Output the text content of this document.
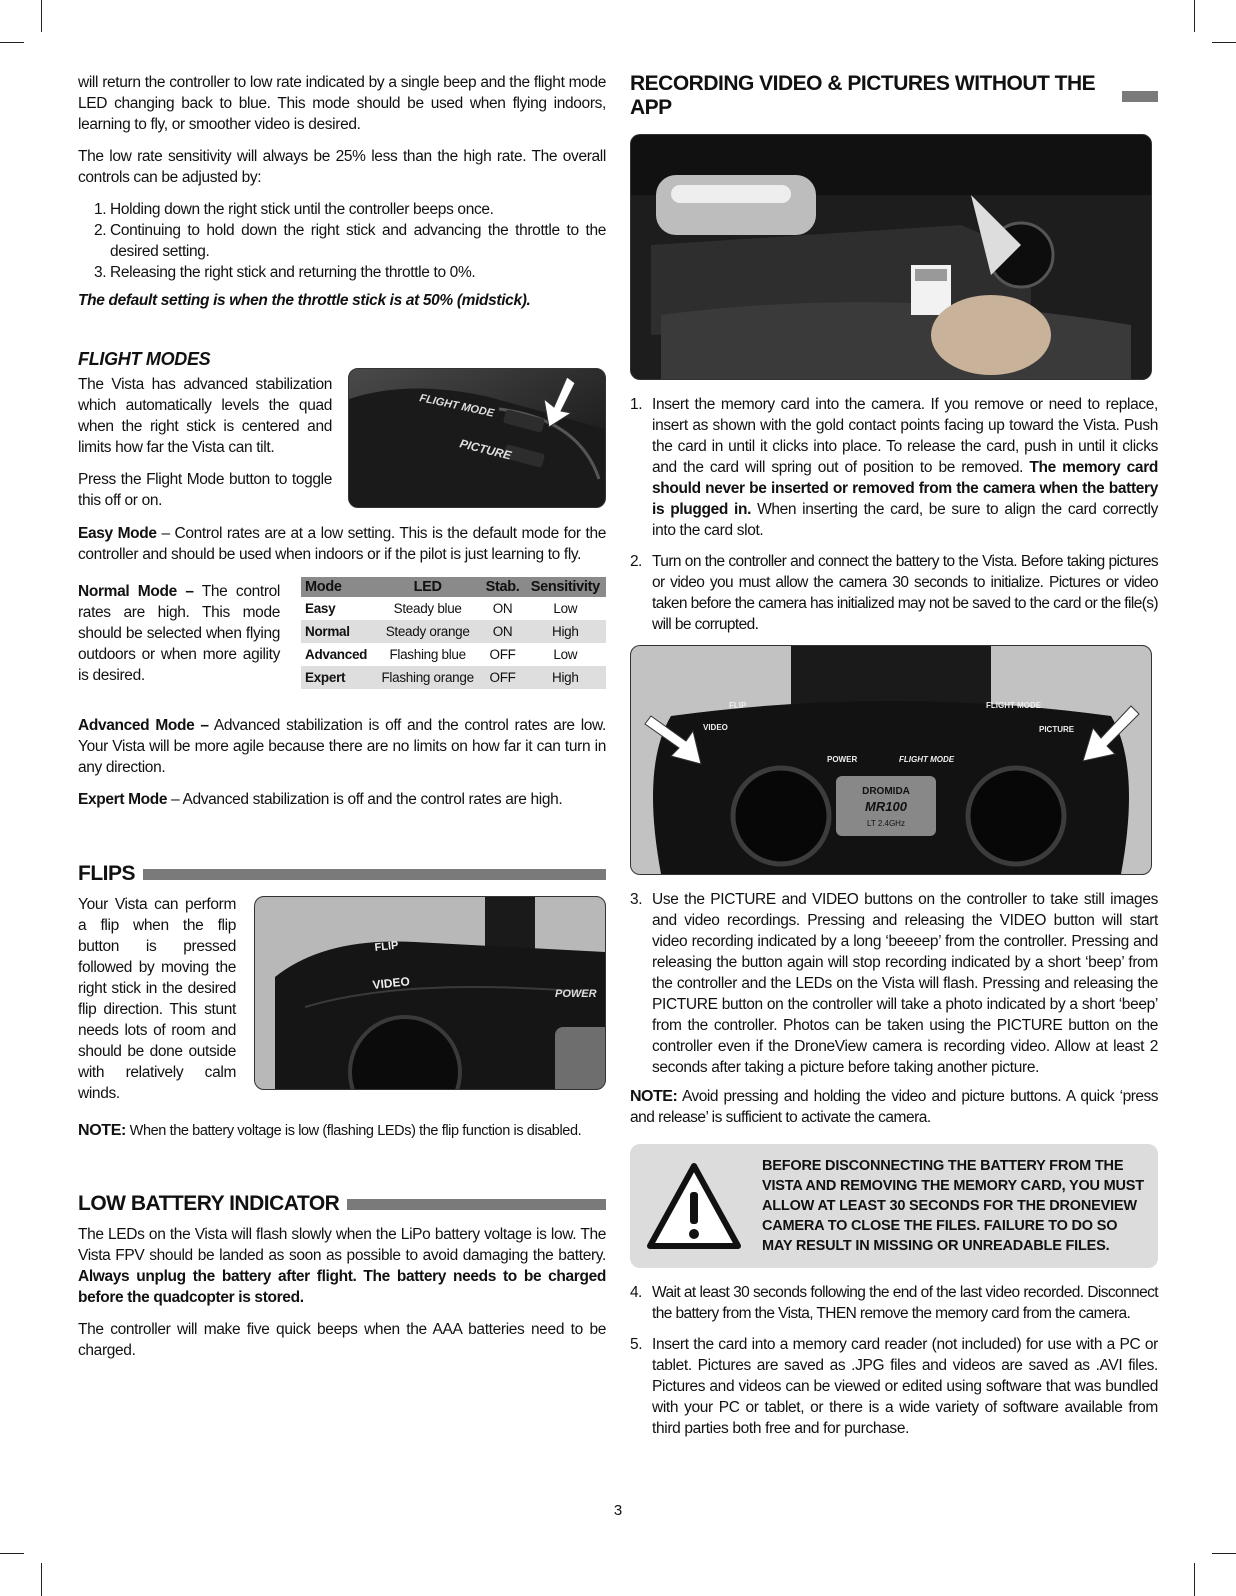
will return the controller to low rate indicated by a single beep and the flight mode LED changing back to blue. This mode should be used when flying indoors, learning to fly, or smoother video is desired.

The low rate sensitivity will always be 25% less than the high rate. The overall controls can be adjusted by:

1. Holding down the right stick until the controller beeps once.
2. Continuing to hold down the right stick and advancing the throttle to the desired setting.
3. Releasing the right stick and returning the throttle to 0%.

The default setting is when the throttle stick is at 50% (midstick).

FLIGHT MODES

The Vista has advanced stabilization which automatically levels the quad when the right stick is centered and limits how far the Vista can tilt.

Press the Flight Mode button to toggle this off or on.

FLIGHT MODE
PICTURE

Easy Mode – Control rates are at a low setting. This is the default mode for the controller and should be used when indoors or if the pilot is just learning to fly.

Normal Mode – The control rates are high. This mode should be selected when flying outdoors or when more agility is desired.

Mode	LED	Stab.	Sensitivity
Easy	Steady blue	ON	Low
Normal	Steady orange	ON	High
Advanced	Flashing blue	OFF	Low
Expert	Flashing orange	OFF	High

Advanced Mode – Advanced stabilization is off and the control rates are low. Your Vista will be more agile because there are no limits on how far it can turn in any direction.

Expert Mode – Advanced stabilization is off and the control rates are high.

FLIPS

Your Vista can perform a flip when the flip button is pressed followed by moving the right stick in the desired flip direction. This stunt needs lots of room and should be done outside with relatively calm winds.

FLIP
VIDEO
POWER

NOTE: When the battery voltage is low (flashing LEDs) the flip function is disabled.

LOW BATTERY INDICATOR

The LEDs on the Vista will flash slowly when the LiPo battery voltage is low. The Vista FPV should be landed as soon as possible to avoid damaging the battery. Always unplug the battery after flight. The battery needs to be charged before the quadcopter is stored.

The controller will make five quick beeps when the AAA batteries need to be charged.

RECORDING VIDEO & PICTURES WITHOUT THE APP
1. Insert the memory card into the camera. If you remove or need to replace, insert as shown with the gold contact points facing up toward the Vista. Push the card in until it clicks into place. To release the card, push in until it clicks and the card will spring out of position to be removed. The memory card should never be inserted or removed from the camera when the battery is plugged in. When inserting the card, be sure to align the card correctly into the card slot.
2. Turn on the controller and connect the battery to the Vista. Before taking pictures or video you must allow the camera 30 seconds to initialize. Pictures or video taken before the camera has initialized may not be saved to the card or the file(s) will be corrupted.
DROMIDA
MR100
LT 2.4GHz
FLIP
VIDEO
FLIGHT MODE
PICTURE
POWER	FLIGHT MODE
3. Use the PICTURE and VIDEO buttons on the controller to take still images and video recordings. Pressing and releasing the VIDEO button will start video recording indicated by a long ‘beeeep’ from the controller. Pressing and releasing the button again will stop recording indicated by a short ‘beep’ from the controller and the LEDs on the Vista will flash. Pressing and releasing the PICTURE button on the controller will take a photo indicated by a short ‘beep’ from the controller. Photos can be taken using the PICTURE button on the controller even if the DroneView camera is recording video. Allow at least 2 seconds after taking a picture before taking another picture.

NOTE: Avoid pressing and holding the video and picture buttons. A quick ‘press and release’ is sufficient to activate the camera.

BEFORE DISCONNECTING THE BATTERY FROM THE VISTA AND REMOVING THE MEMORY CARD, YOU MUST ALLOW AT LEAST 30 SECONDS FOR THE DRONEVIEW CAMERA TO CLOSE THE FILES. FAILURE TO DO SO MAY RESULT IN MISSING OR UNREADABLE FILES.
4. Wait at least 30 seconds following the end of the last video recorded. Disconnect the battery from the Vista, THEN remove the memory card from the camera.
5. Insert the card into a memory card reader (not included) for use with a PC or tablet. Pictures are saved as .JPG files and videos are saved as .AVI files. Pictures and videos can be viewed or edited using software that was bundled with your PC or tablet, or there is a wide variety of software available from third parties both free and for purchase.
3
